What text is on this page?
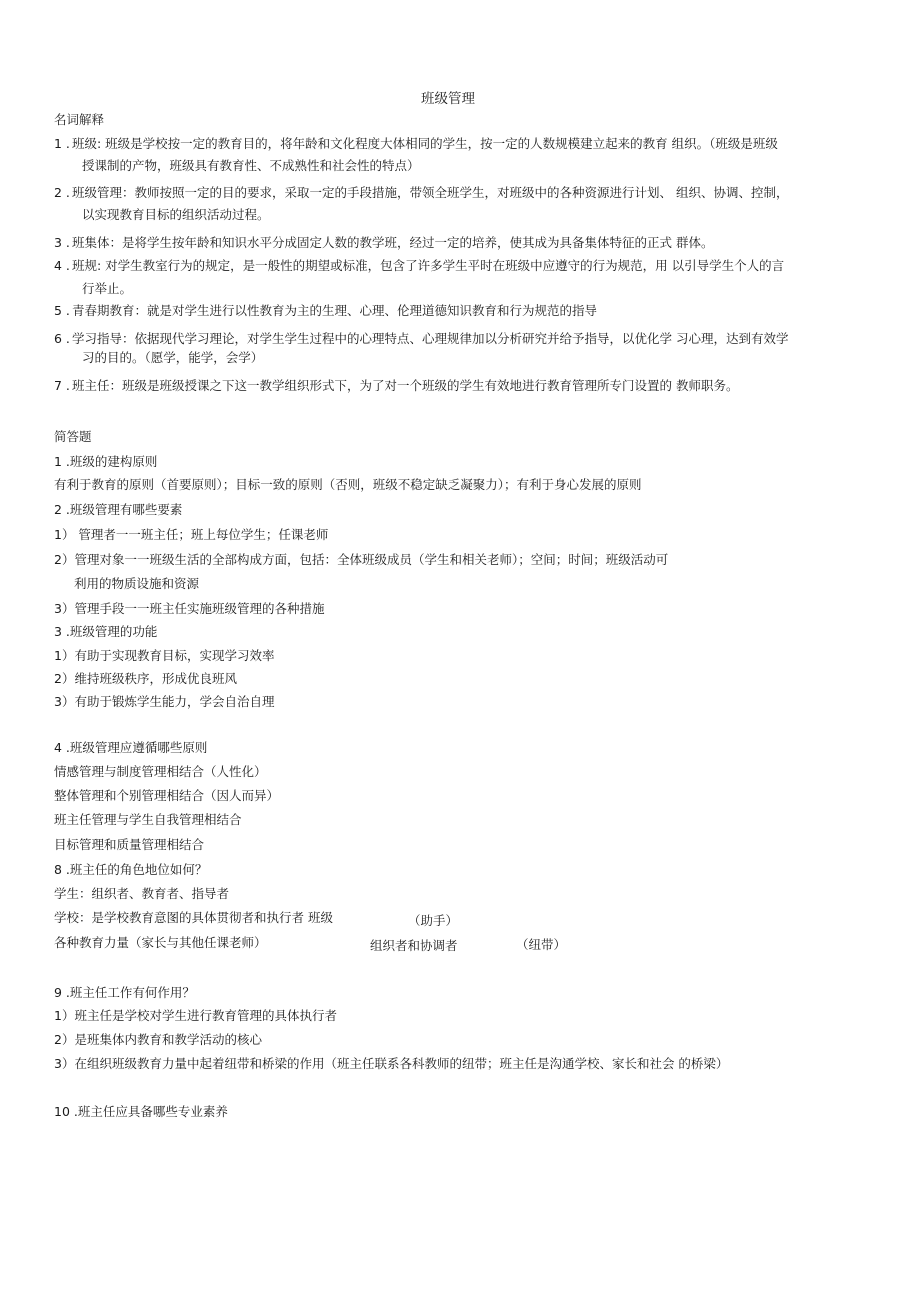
班级管理
名词解释
1 . 班级: 班级是学校按一定的教育目的，将年龄和文化程度大体相同的学生，按一定的人数规模建立起来的教育 组织。（班级是班级
授课制的产物，班级具有教育性、不成熟性和社会性的特点）
2 . 班级管理：教师按照一定的目的要求，采取一定的手段措施，带领全班学生，对班级中的各种资源进行计划、 组织、协调、控制，
以实现教育目标的组织活动过程。
3 . 班集体：是将学生按年龄和知识水平分成固定人数的教学班，经过一定的培养，使其成为具备集体特征的正式 群体。
4 . 班规: 对学生教室行为的规定，是一般性的期望或标准，包含了许多学生平时在班级中应遵守的行为规范，用 以引导学生个人的言
行举止。
5 . 青春期教育：就是对学生进行以性教育为主的生理、心理、伦理道德知识教育和行为规范的指导
6 . 学习指导：依据现代学习理论，对学生学生过程中的心理特点、心理规律加以分析研究并给予指导，以优化学 习心理，达到有效学
习的目的。（愿学，能学，会学）
7 . 班主任：班级是班级授课之下这一教学组织形式下，为了对一个班级的学生有效地进行教育管理所专门设置的 教师职务。
简答题
1 .班级的建构原则
有利于教育的原则（首要原则）；目标一致的原则（否则，班级不稳定缺乏凝聚力）；有利于身心发展的原则
2 .班级管理有哪些要素
1） 管理者一一班主任；班上每位学生；任课老师
2）管理对象一一班级生活的全部构成方面，包括：全体班级成员（学生和相关老师）；空间；时间；班级活动可
利用的物质设施和资源
3）管理手段一一班主任实施班级管理的各种措施
3 .班级管理的功能
1）有助于实现教育目标，实现学习效率
2）维持班级秩序，形成优良班风
3）有助于锻炼学生能力，学会自治自理
4 .班级管理应遵循哪些原则
情感管理与制度管理相结合（人性化）
整体管理和个别管理相结合（因人而异）
班主任管理与学生自我管理相结合
目标管理和质量管理相结合
8 .班主任的角色地位如何？
学生：组织者、教育者、指导者
学校：是学校教育意图的具体贯彻者和执行者 班级	（助手）
各种教育力量（家长与其他任课老师）	组织者和协调者	（纽带）
9 .班主任工作有何作用？
1）班主任是学校对学生进行教育管理的具体执行者
2）是班集体内教育和教学活动的核心
3）在组织班级教育力量中起着纽带和桥梁的作用（班主任联系各科教师的纽带；班主任是沟通学校、家长和社会 的桥梁）
10 .班主任应具备哪些专业素养
